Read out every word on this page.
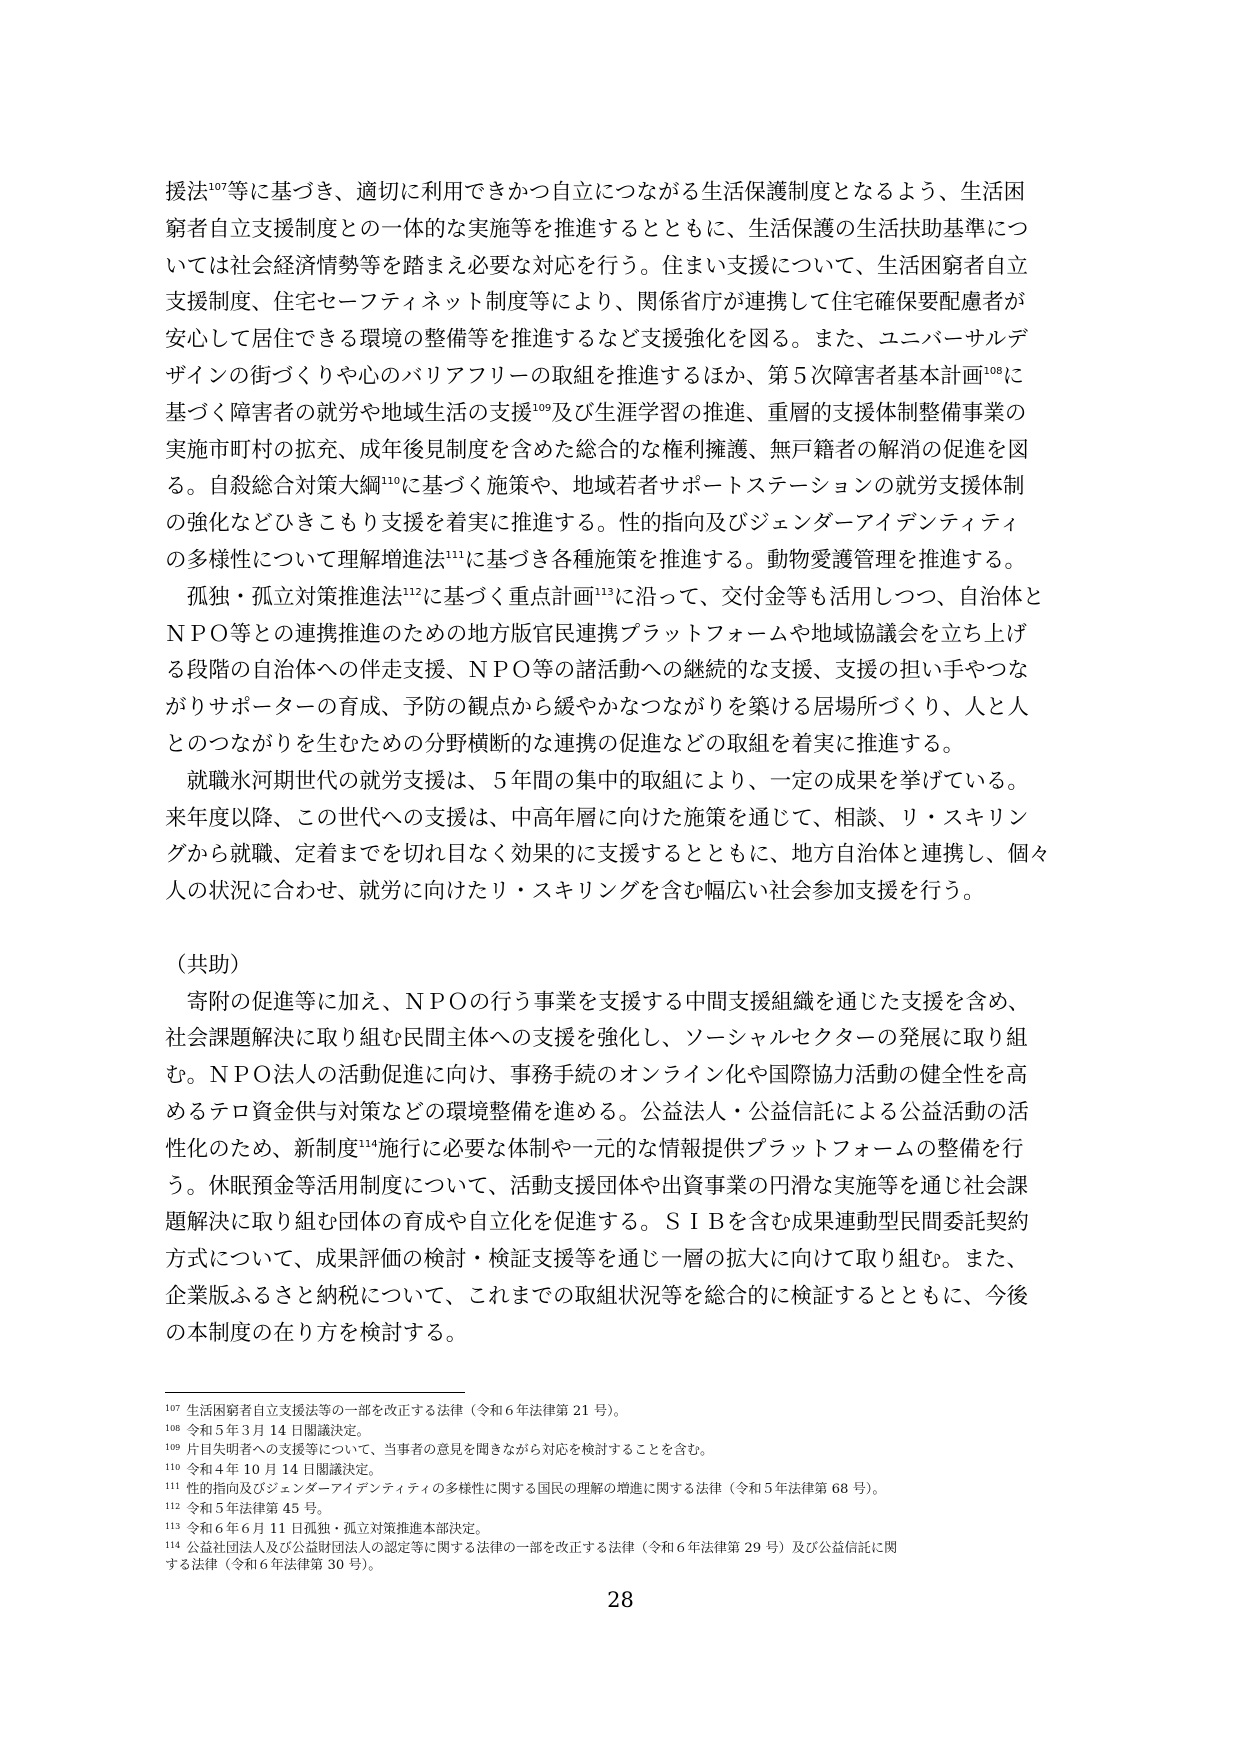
援法$^{107}$等に基づき、適切に利用できかつ自立につながる生活保護制度となるよう、生活困
窮者自立支援制度との一体的な実施等を推進するとともに、生活保護の生活扶助基準につ
いては社会経済情勢等を踏まえ必要な対応を行う。住まい支援について、生活困窮者自立
支援制度、住宅セーフティネット制度等により、関係省庁が連携して住宅確保要配慮者が
安心して居住できる環境の整備等を推進するなど支援強化を図る。また、ユニバーサルデ
ザインの街づくりや心のバリアフリーの取組を推進するほか、第５次障害者基本計画$^{108}$に
基づく障害者の就労や地域生活の支援$^{109}$及び生涯学習の推進、重層的支援体制整備事業の
実施市町村の拡充、成年後見制度を含めた総合的な権利擁護、無戸籍者の解消の促進を図
る。自殺総合対策大綱$^{110}$に基づく施策や、地域若者サポートステーションの就労支援体制
の強化などひきこもり支援を着実に推進する。性的指向及びジェンダーアイデンティティ
の多様性について理解増進法$^{111}$に基づき各種施策を推進する。動物愛護管理を推進する。
　孤独・孤立対策推進法$^{112}$に基づく重点計画$^{113}$に沿って、交付金等も活用しつつ、自治体と
ＮＰＯ等との連携推進のための地方版官民連携プラットフォームや地域協議会を立ち上げ
る段階の自治体への伴走支援、ＮＰＯ等の諸活動への継続的な支援、支援の担い手やつな
がりサポーターの育成、予防の観点から緩やかなつながりを築ける居場所づくり、人と人
とのつながりを生むための分野横断的な連携の促進などの取組を着実に推進する。
　就職氷河期世代の就労支援は、５年間の集中的取組により、一定の成果を挙げている。
来年度以降、この世代への支援は、中高年層に向けた施策を通じて、相談、リ・スキリン
グから就職、定着までを切れ目なく効果的に支援するとともに、地方自治体と連携し、個々
人の状況に合わせ、就労に向けたリ・スキリングを含む幅広い社会参加支援を行う。
（共助）
　寄附の促進等に加え、ＮＰＯの行う事業を支援する中間支援組織を通じた支援を含め、
社会課題解決に取り組む民間主体への支援を強化し、ソーシャルセクターの発展に取り組
む。ＮＰＯ法人の活動促進に向け、事務手続のオンライン化や国際協力活動の健全性を高
めるテロ資金供与対策などの環境整備を進める。公益法人・公益信託による公益活動の活
性化のため、新制度$^{114}$施行に必要な体制や一元的な情報提供プラットフォームの整備を行
う。休眠預金等活用制度について、活動支援団体や出資事業の円滑な実施等を通じ社会課
題解決に取り組む団体の育成や自立化を促進する。ＳＩＢを含む成果連動型民間委託契約
方式について、成果評価の検討・検証支援等を通じ一層の拡大に向けて取り組む。また、
企業版ふるさと納税について、これまでの取組状況等を総合的に検証するとともに、今後
の本制度の在り方を検討する。
107 生活困窮者自立支援法等の一部を改正する法律（令和６年法律第 21 号）。
108 令和５年３月 14 日閣議決定。
109 片目失明者への支援等について、当事者の意見を聞きながら対応を検討することを含む。
110 令和４年 10 月 14 日閣議決定。
111 性的指向及びジェンダーアイデンティティの多様性に関する国民の理解の増進に関する法律（令和５年法律第 68 号）。
112 令和５年法律第 45 号。
113 令和６年６月 11 日孤独・孤立対策推進本部決定。
114 公益社団法人及び公益財団法人の認定等に関する法律の一部を改正する法律（令和６年法律第 29 号）及び公益信託に関
する法律（令和６年法律第 30 号）。
28
